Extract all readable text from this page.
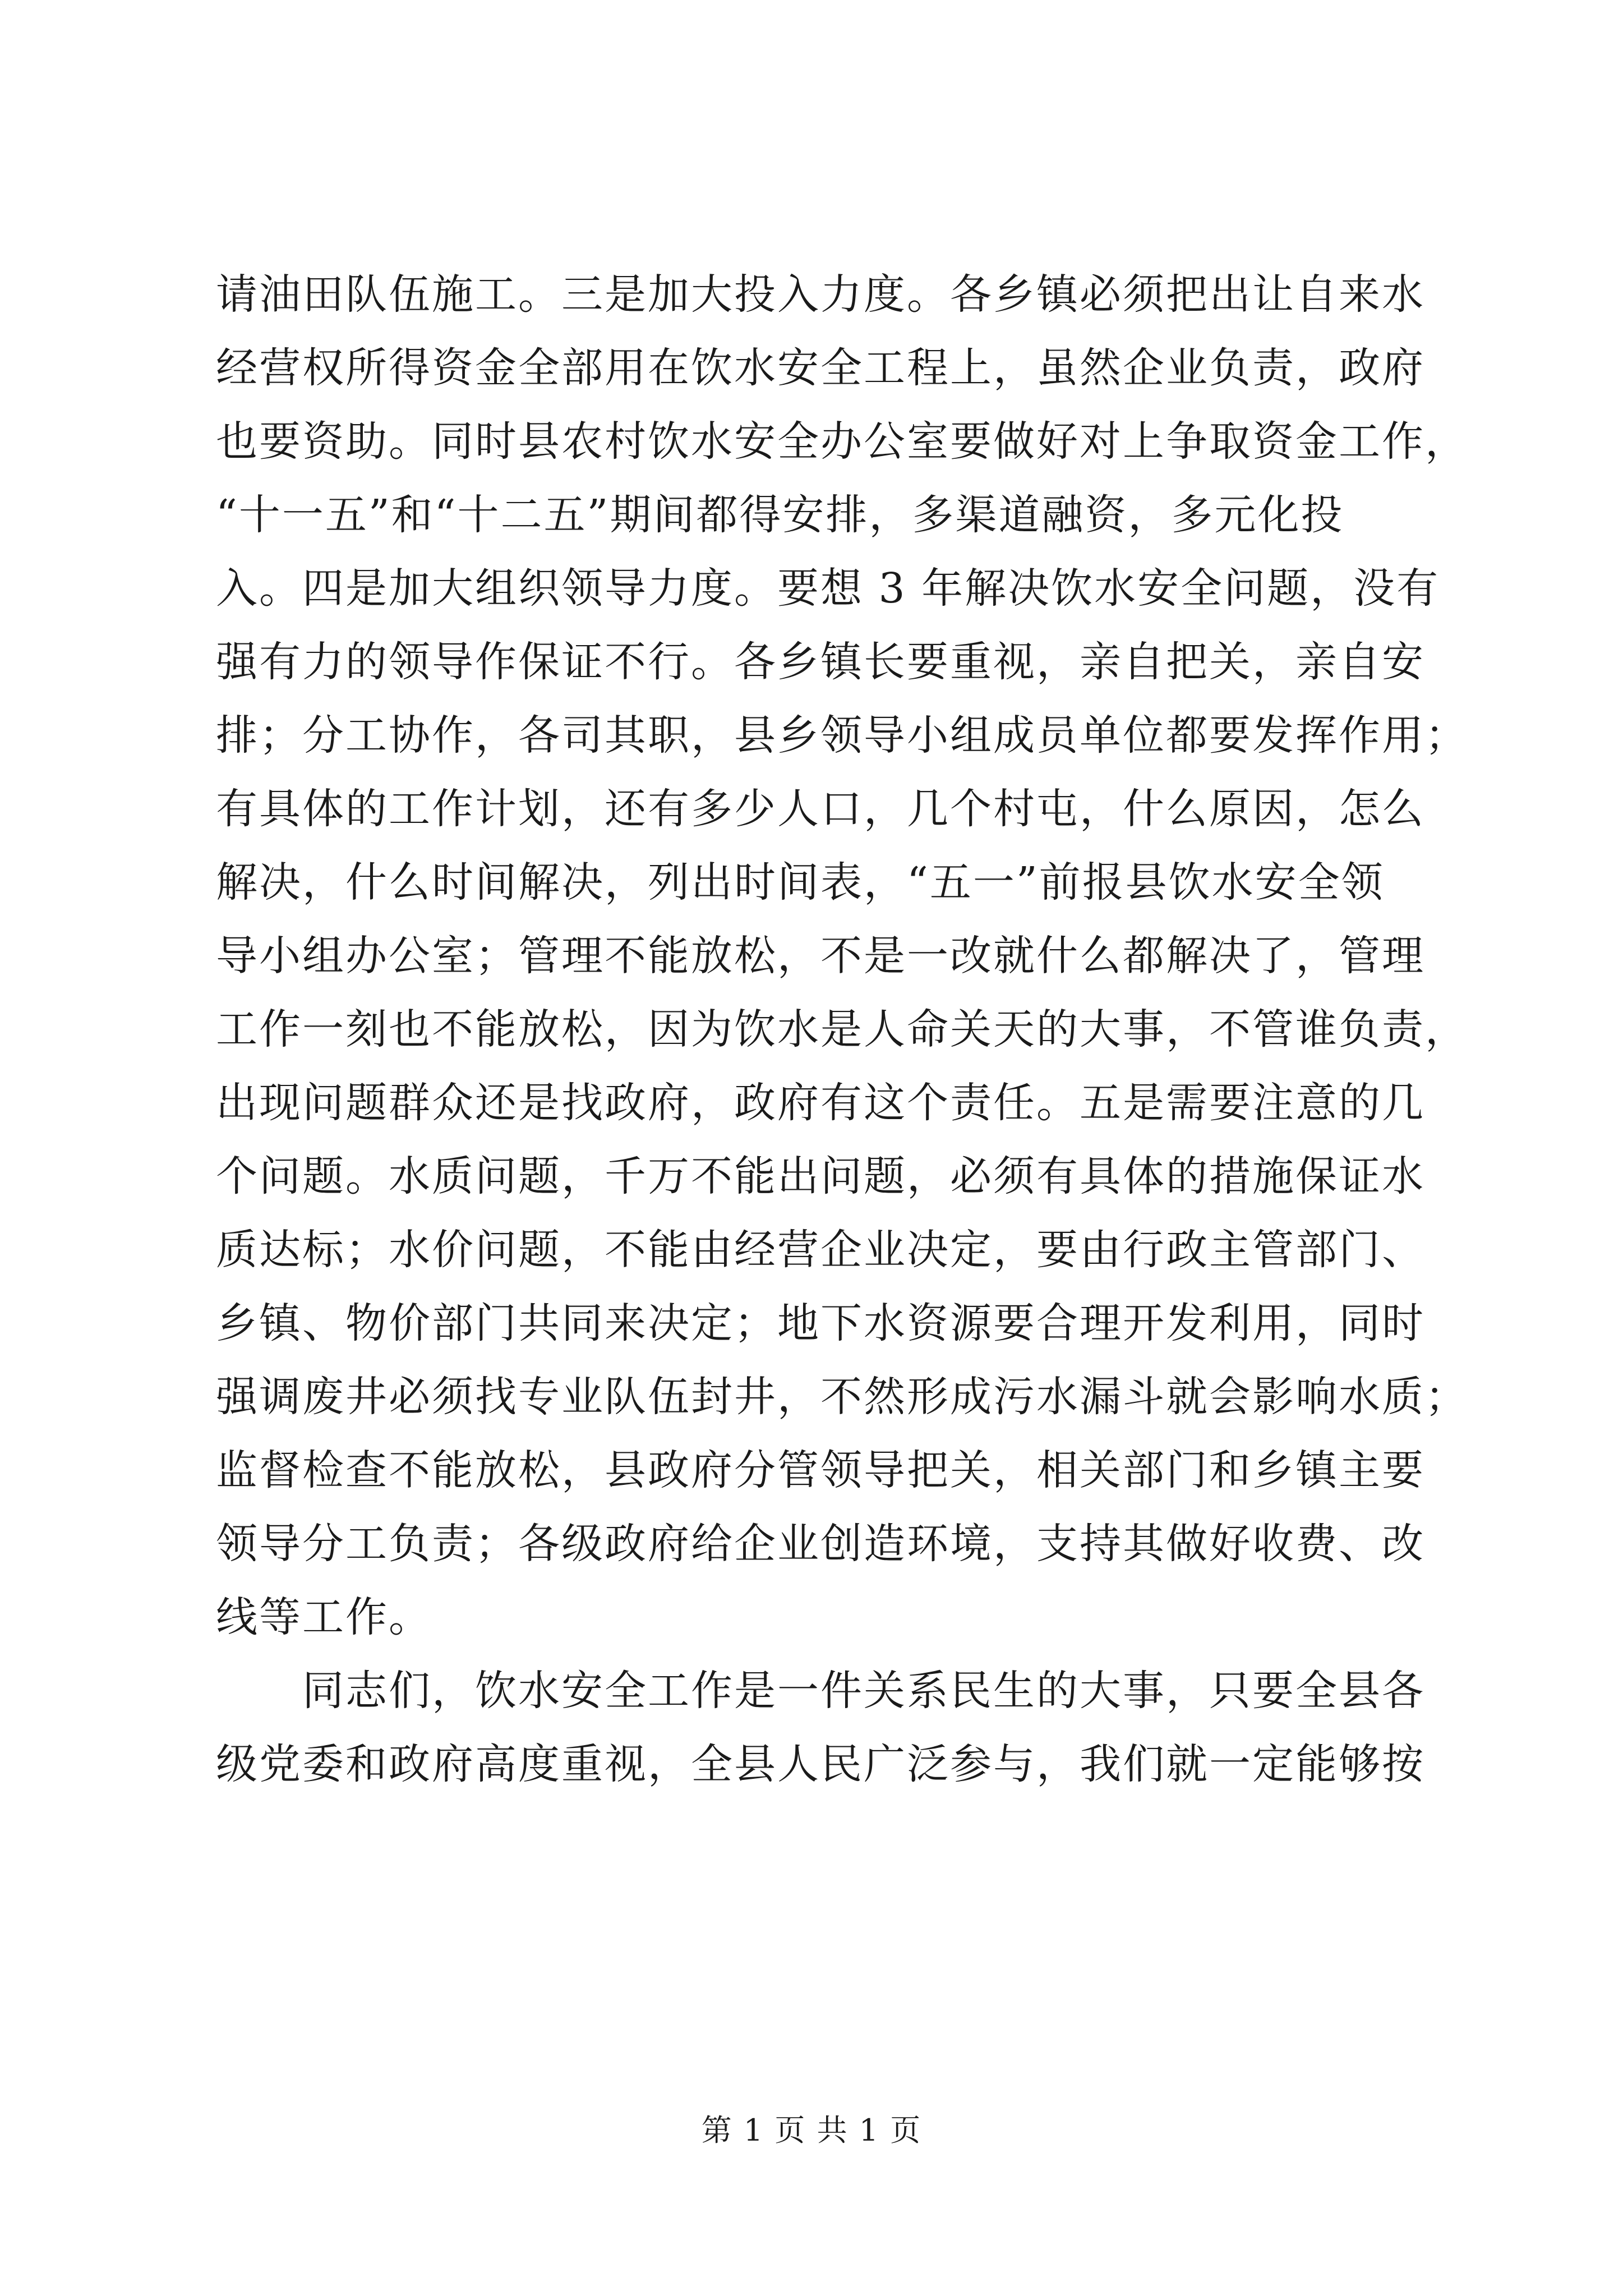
请油田队伍施工。三是加大投入力度。各乡镇必须把出让自来水
经营权所得资金全部用在饮水安全工程上，虽然企业负责，政府
也要资助。同时县农村饮水安全办公室要做好对上争取资金工作，
“十一五”和“十二五”期间都得安排，多渠道融资，多元化投
入。四是加大组织领导力度。要想 3 年解决饮水安全问题，没有
强有力的领导作保证不行。各乡镇长要重视，亲自把关，亲自安
排；分工协作，各司其职，县乡领导小组成员单位都要发挥作用；
有具体的工作计划，还有多少人口，几个村屯，什么原因，怎么
解决，什么时间解决，列出时间表，“五一”前报县饮水安全领
导小组办公室；管理不能放松，不是一改就什么都解决了，管理
工作一刻也不能放松，因为饮水是人命关天的大事，不管谁负责，
出现问题群众还是找政府，政府有这个责任。五是需要注意的几
个问题。水质问题，千万不能出问题，必须有具体的措施保证水
质达标；水价问题，不能由经营企业决定，要由行政主管部门、
乡镇、物价部门共同来决定；地下水资源要合理开发利用，同时
强调废井必须找专业队伍封井，不然形成污水漏斗就会影响水质；
监督检查不能放松，县政府分管领导把关，相关部门和乡镇主要
领导分工负责；各级政府给企业创造环境，支持其做好收费、改
线等工作。
　　同志们，饮水安全工作是一件关系民生的大事，只要全县各
级党委和政府高度重视，全县人民广泛参与，我们就一定能够按
第 1 页 共 1 页
